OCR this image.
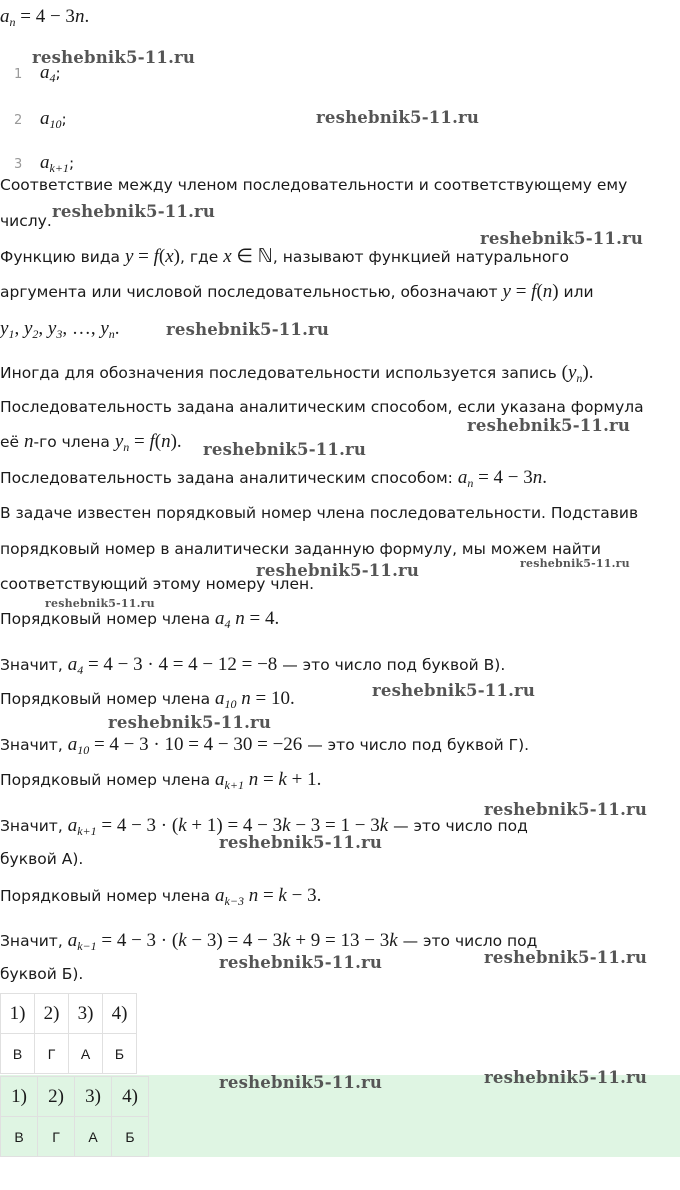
$a_n = 4 - 3n$.
1 $a_4$;
2 $a_{10}$;
3 $a_{k+1}$;
Соответствие между членом последовательности и соответствующему ему
числу.
Функцию вида y = f(x), где x ∈ ℕ, называют функцией натурального
аргумента или числовой последовательностью, обозначают y = f(n) или
$y_1$, $y_2$, $y_3$, …, $y_n$.
Иногда для обозначения последовательности используется запись $(y_n)$.
Последовательность задана аналитическим способом, если указана формула
её n-го члена $y_n = f(n)$.
Последовательность задана аналитическим способом: $a_n = 4 - 3n$.
В задаче известен порядковый номер члена последовательности. Подставив
порядковый номер в аналитически заданную формулу, мы можем найти
соответствующий этому номеру член.
Порядковый номер члена $a_4$ n = 4.
Значит, $a_4 = 4 - 3 \cdot 4 = 4 - 12 = -8$ — это число под буквой В).
Порядковый номер члена $a_{10}$ n = 10.
Значит, $a_{10} = 4 - 3 \cdot 10 = 4 - 30 = -26$ — это число под буквой Г).
Порядковый номер члена $a_{k+1}$ n = k + 1.
Значит, $a_{k+1} = 4 - 3 \cdot (k + 1) = 4 - 3k - 3 = 1 - 3k$ — это число под
буквой А).
Порядковый номер члена $a_{k-3}$ n = k − 3.
Значит, $a_{k-1} = 4 - 3 \cdot (k - 3) = 4 - 3k + 9 = 13 - 3k$ — это число под
буквой Б).
1)	2)	3)	4)
В	Г	А	Б
1)	2)	3)	4)
В	Г	А	Б
reshebnik5-11.ru
reshebnik5-11.ru
reshebnik5-11.ru
reshebnik5-11.ru
reshebnik5-11.ru
reshebnik5-11.ru
reshebnik5-11.ru
reshebnik5-11.ru	reshebnik5-11.ru
reshebnik5-11.ru
reshebnik5-11.ru
reshebnik5-11.ru
reshebnik5-11.ru
reshebnik5-11.ru
reshebnik5-11.ru	reshebnik5-11.ru
reshebnik5-11.ru	reshebnik5-11.ru
